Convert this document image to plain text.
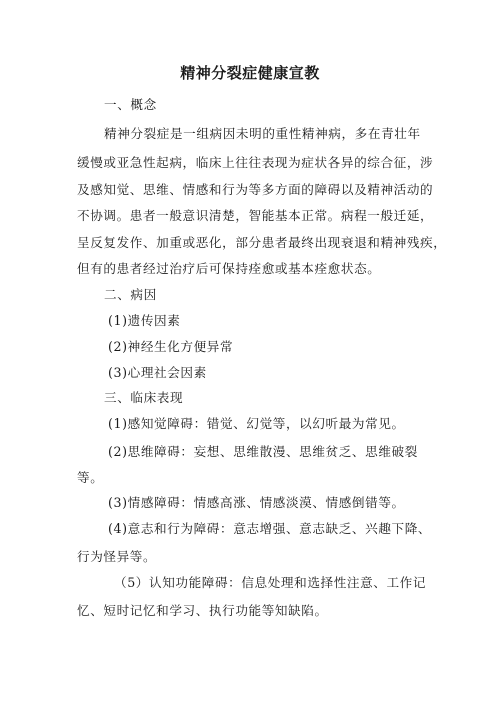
精神分裂症健康宣教
一、概念
精神分裂症是一组病因未明的重性精神病，多在青壮年
缓慢或亚急性起病，临床上往往表现为症状各异的综合征，涉
及感知觉、思维、情感和行为等多方面的障碍以及精神活动的
不协调。患者一般意识清楚，智能基本正常。病程一般迁延，
呈反复发作、加重或恶化，部分患者最终出现衰退和精神残疾，
但有的患者经过治疗后可保持痊愈或基本痊愈状态。
二、病因
(1)遗传因素
(2)神经生化方便异常
(3)心理社会因素
三、临床表现
(1)感知觉障碍：错觉、幻觉等，以幻听最为常见。
(2)思维障碍：妄想、思维散漫、思维贫乏、思维破裂
等。
(3)情感障碍：情感高涨、情感淡漠、情感倒错等。
(4)意志和行为障碍：意志增强、意志缺乏、兴趣下降、
行为怪异等。
（5）认知功能障碍：信息处理和选择性注意、工作记
忆、短时记忆和学习、执行功能等知缺陷。
